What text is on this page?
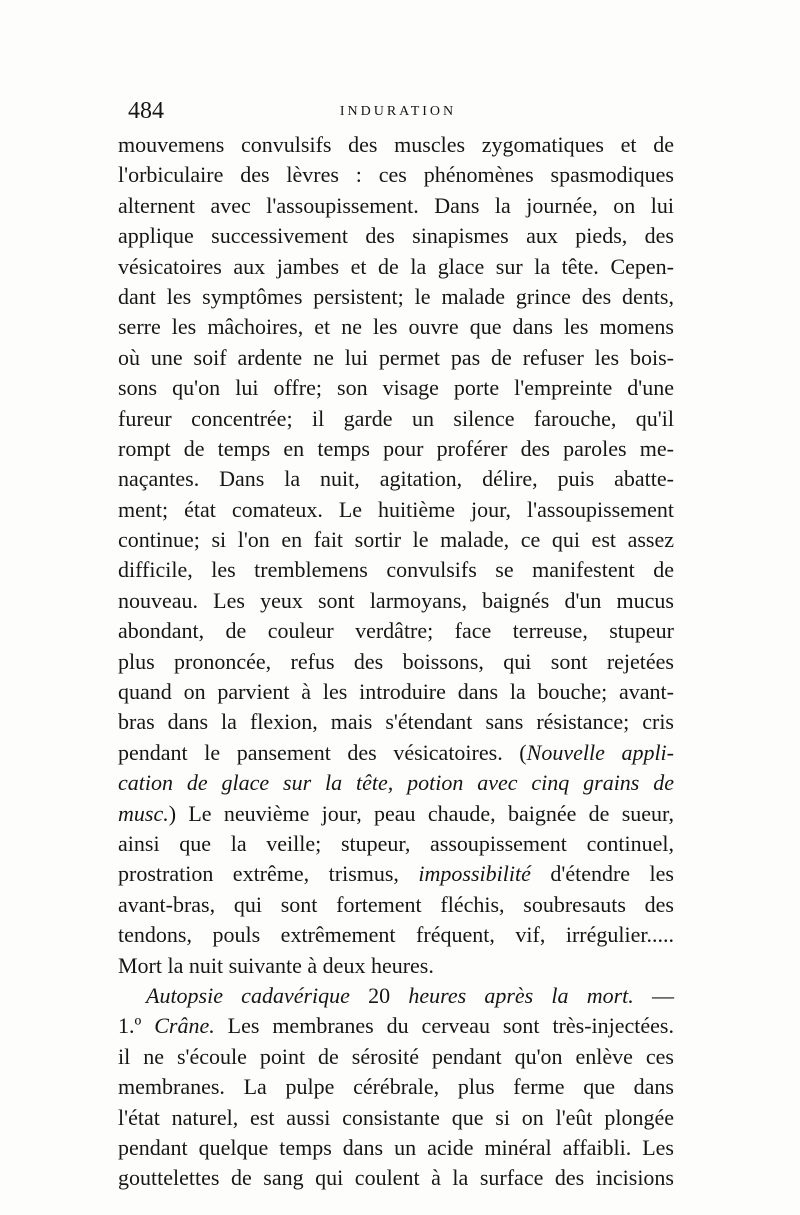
484	INDURATION
mouvemens convulsifs des muscles zygomatiques et de
l'orbiculaire des lèvres : ces phénomènes spasmodiques
alternent avec l'assoupissement. Dans la journée, on lui
applique successivement des sinapismes aux pieds, des
vésicatoires aux jambes et de la glace sur la tête. Cepen-
dant les symptômes persistent; le malade grince des dents,
serre les mâchoires, et ne les ouvre que dans les momens
où une soif ardente ne lui permet pas de refuser les bois-
sons qu'on lui offre; son visage porte l'empreinte d'une
fureur concentrée; il garde un silence farouche, qu'il
rompt de temps en temps pour proférer des paroles me-
naçantes. Dans la nuit, agitation, délire, puis abatte-
ment; état comateux. Le huitième jour, l'assoupissement
continue; si l'on en fait sortir le malade, ce qui est assez
difficile, les tremblemens convulsifs se manifestent de
nouveau. Les yeux sont larmoyans, baignés d'un mucus
abondant, de couleur verdâtre; face terreuse, stupeur
plus prononcée, refus des boissons, qui sont rejetées
quand on parvient à les introduire dans la bouche; avant-
bras dans la flexion, mais s'étendant sans résistance; cris
pendant le pansement des vésicatoires. (Nouvelle appli-
cation de glace sur la tête, potion avec cinq grains de
musc.) Le neuvième jour, peau chaude, baignée de sueur,
ainsi que la veille; stupeur, assoupissement continuel,
prostration extrême, trismus, impossibilité d'étendre les
avant-bras, qui sont fortement fléchis, soubresauts des
tendons, pouls extrêmement fréquent, vif, irrégulier.....
Mort la nuit suivante à deux heures.
Autopsie cadavérique 20 heures après la mort. —
1.º Crâne. Les membranes du cerveau sont très-injectées.
il ne s'écoule point de sérosité pendant qu'on enlève ces
membranes. La pulpe cérébrale, plus ferme que dans
l'état naturel, est aussi consistante que si on l'eût plongée
pendant quelque temps dans un acide minéral affaibli. Les
gouttelettes de sang qui coulent à la surface des incisions
